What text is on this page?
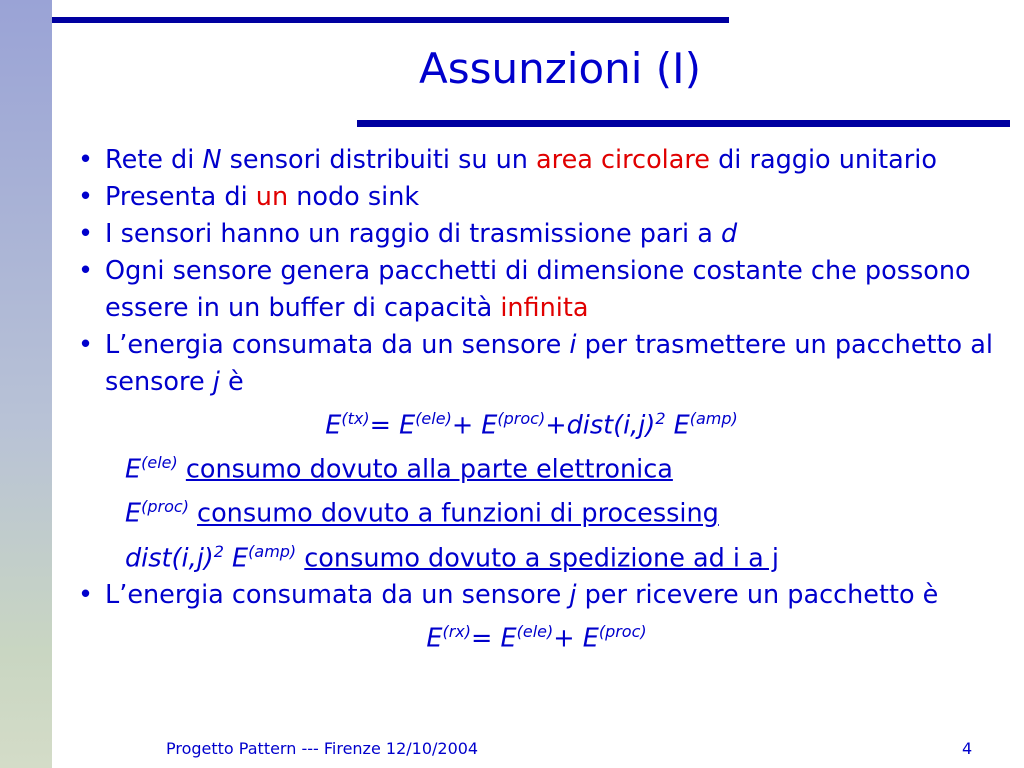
Assunzioni (I)
• Rete di N sensori distribuiti su un area circolare di raggio unitario
• Presenta di un nodo sink
• I sensori hanno un raggio di trasmissione pari a d
• Ogni sensore genera pacchetti di dimensione costante che possono essere in un buffer di capacità infinita
• L’energia consumata da un sensore i per trasmettere un pacchetto al sensore j è
$E^{(tx)}= E^{(ele)}+$ $E^{(proc)}+dist(i,j)^2$ $E^{(amp)}$
$E^{(ele)}$ consumo dovuto alla parte elettronica
$E^{(proc)}$ consumo dovuto a funzioni di processing
$dist(i,j)^2$ $E^{(amp)}$ consumo dovuto a spedizione ad i a j
• L’energia consumata da un sensore j per ricevere un pacchetto è
$E^{(rx)}= E^{(ele)}+ E^{(proc)}$
Progetto Pattern --- Firenze 12/10/2004	4
